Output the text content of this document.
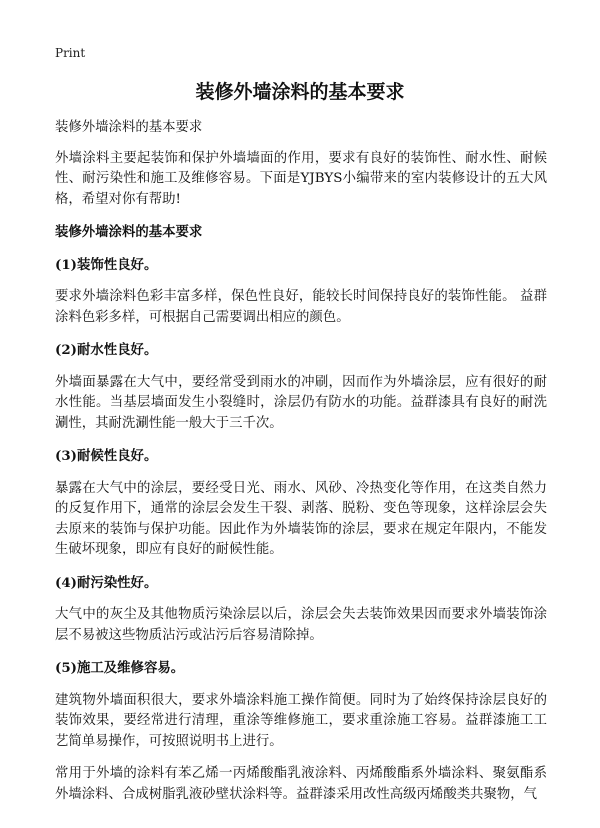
Print
装修外墙涂料的基本要求

装修外墙涂料的基本要求

外墙涂料主要起装饰和保护外墙墙面的作用，要求有良好的装饰性、耐水性、耐候性、耐污染性和施工及维修容易。下面是YJBYS小编带来的室内装修设计的五大风格，希望对你有帮助!

装修外墙涂料的基本要求

(1)装饰性良好。

要求外墙涂料色彩丰富多样，保色性良好，能较长时间保持良好的装饰性能。 益群涂料色彩多样，可根据自己需要调出相应的颜色。

(2)耐水性良好。

外墙面暴露在大气中，要经常受到雨水的冲刷，因而作为外墙涂层，应有很好的耐水性能。当基层墙面发生小裂缝时，涂层仍有防水的功能。益群漆具有良好的耐洗涮性，其耐洗涮性能一般大于三千次。

(3)耐候性良好。

暴露在大气中的涂层，要经受日光、雨水、风砂、冷热变化等作用，在这类自然力的反复作用下，通常的涂层会发生干裂、剥落、脱粉、变色等现象，这样涂层会失去原来的装饰与保护功能。因此作为外墙装饰的涂层，要求在规定年限内，不能发生破坏现象，即应有良好的耐候性能。

(4)耐污染性好。

大气中的灰尘及其他物质污染涂层以后，涂层会失去装饰效果因而要求外墙装饰涂层不易被这些物质沾污或沾污后容易清除掉。

(5)施工及维修容易。

建筑物外墙面积很大，要求外墙涂料施工操作简便。同时为了始终保持涂层良好的装饰效果，要经常进行清理，重涂等维修施工，要求重涂施工容易。益群漆施工工艺简单易操作，可按照说明书上进行。

常用于外墙的涂料有苯乙烯一丙烯酸酯乳液涂料、丙烯酸酯系外墙涂料、聚氨酯系外墙涂料、合成树脂乳液砂壁状涂料等。益群漆采用改性高级丙烯酸类共聚物，气
